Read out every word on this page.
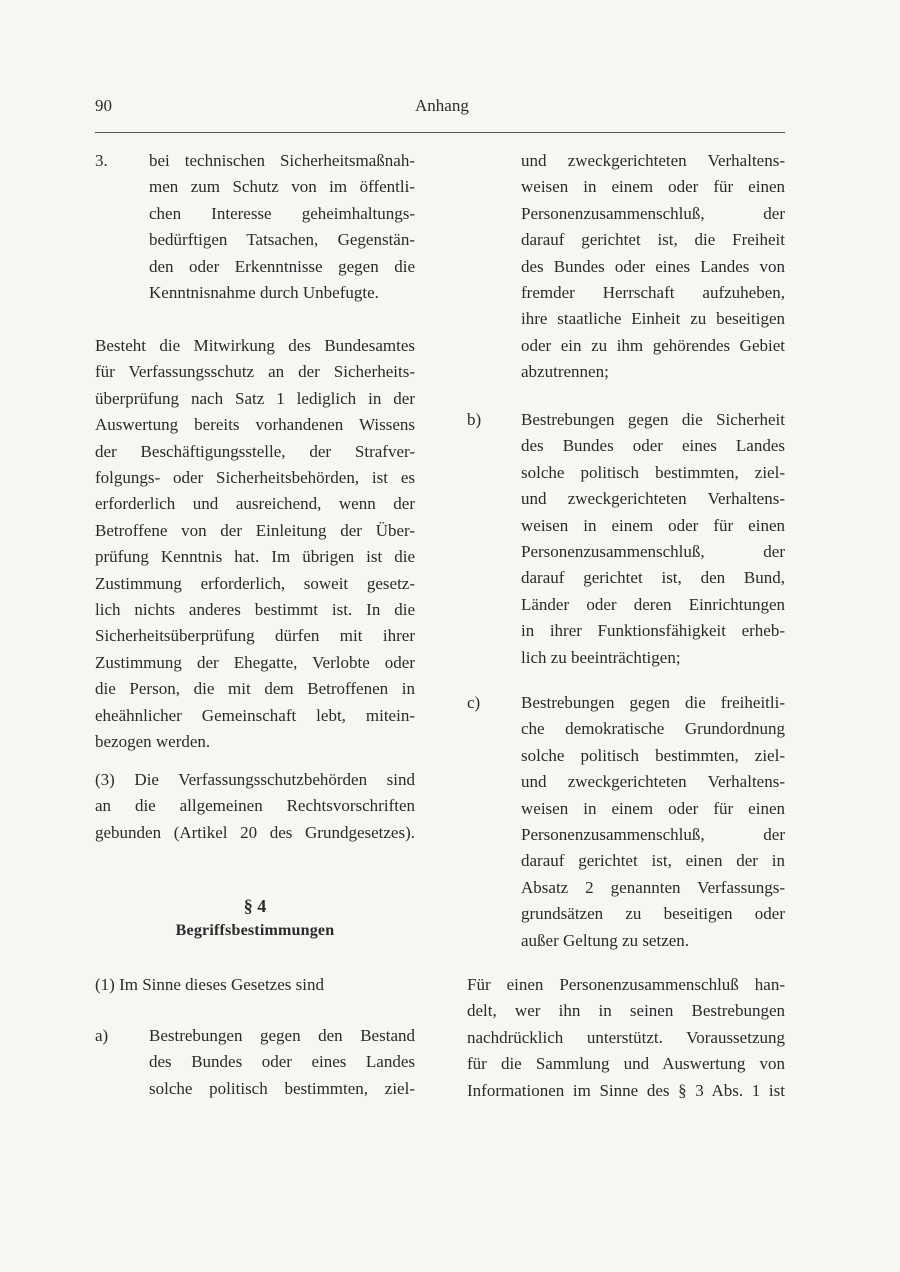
90	Anhang
3.
§ 4
Begriffsbestimmungen
a)
b)
c)
bei technischen Sicherheitsmaßnah-
men zum Schutz von im öffentli-
chen Interesse geheimhaltungs-
bedürftigen Tatsachen, Gegenstän-
den oder Erkenntnisse gegen die
Kenntnisnahme durch Unbefugte.
Besteht die Mitwirkung des Bundesamtes
für Verfassungsschutz an der Sicherheits-
überprüfung nach Satz 1 lediglich in der
Auswertung bereits vorhandenen Wissens
der Beschäftigungsstelle, der Strafver-
folgungs- oder Sicherheitsbehörden, ist es
erforderlich und ausreichend, wenn der
Betroffene von der Einleitung der Über-
prüfung Kenntnis hat. Im übrigen ist die
Zustimmung erforderlich, soweit gesetz-
lich nichts anderes bestimmt ist. In die
Sicherheitsüberprüfung dürfen mit ihrer
Zustimmung der Ehegatte, Verlobte oder
die Person, die mit dem Betroffenen in
eheähnlicher Gemeinschaft lebt, mitein-
bezogen werden.
(3) Die Verfassungsschutzbehörden sind
an die allgemeinen Rechtsvorschriften
gebunden (Artikel 20 des Grundgesetzes).
(1) Im Sinne dieses Gesetzes sind
Bestrebungen gegen den Bestand
des Bundes oder eines Landes
solche politisch bestimmten, ziel-
und zweckgerichteten Verhaltens-
weisen in einem oder für einen
Personenzusammenschluß, der
darauf gerichtet ist, die Freiheit
des Bundes oder eines Landes von
fremder Herrschaft aufzuheben,
ihre staatliche Einheit zu beseitigen
oder ein zu ihm gehörendes Gebiet
abzutrennen;
Bestrebungen gegen die Sicherheit
des Bundes oder eines Landes
solche politisch bestimmten, ziel-
und zweckgerichteten Verhaltens-
weisen in einem oder für einen
Personenzusammenschluß, der
darauf gerichtet ist, den Bund,
Länder oder deren Einrichtungen
in ihrer Funktionsfähigkeit erheb-
lich zu beeinträchtigen;
Bestrebungen gegen die freiheitli-
che demokratische Grundordnung
solche politisch bestimmten, ziel-
und zweckgerichteten Verhaltens-
weisen in einem oder für einen
Personenzusammenschluß, der
darauf gerichtet ist, einen der in
Absatz 2 genannten Verfassungs-
grundsätzen zu beseitigen oder
außer Geltung zu setzen.
Für einen Personenzusammenschluß han-
delt, wer ihn in seinen Bestrebungen
nachdrücklich unterstützt. Voraussetzung
für die Sammlung und Auswertung von
Informationen im Sinne des § 3 Abs. 1 ist
